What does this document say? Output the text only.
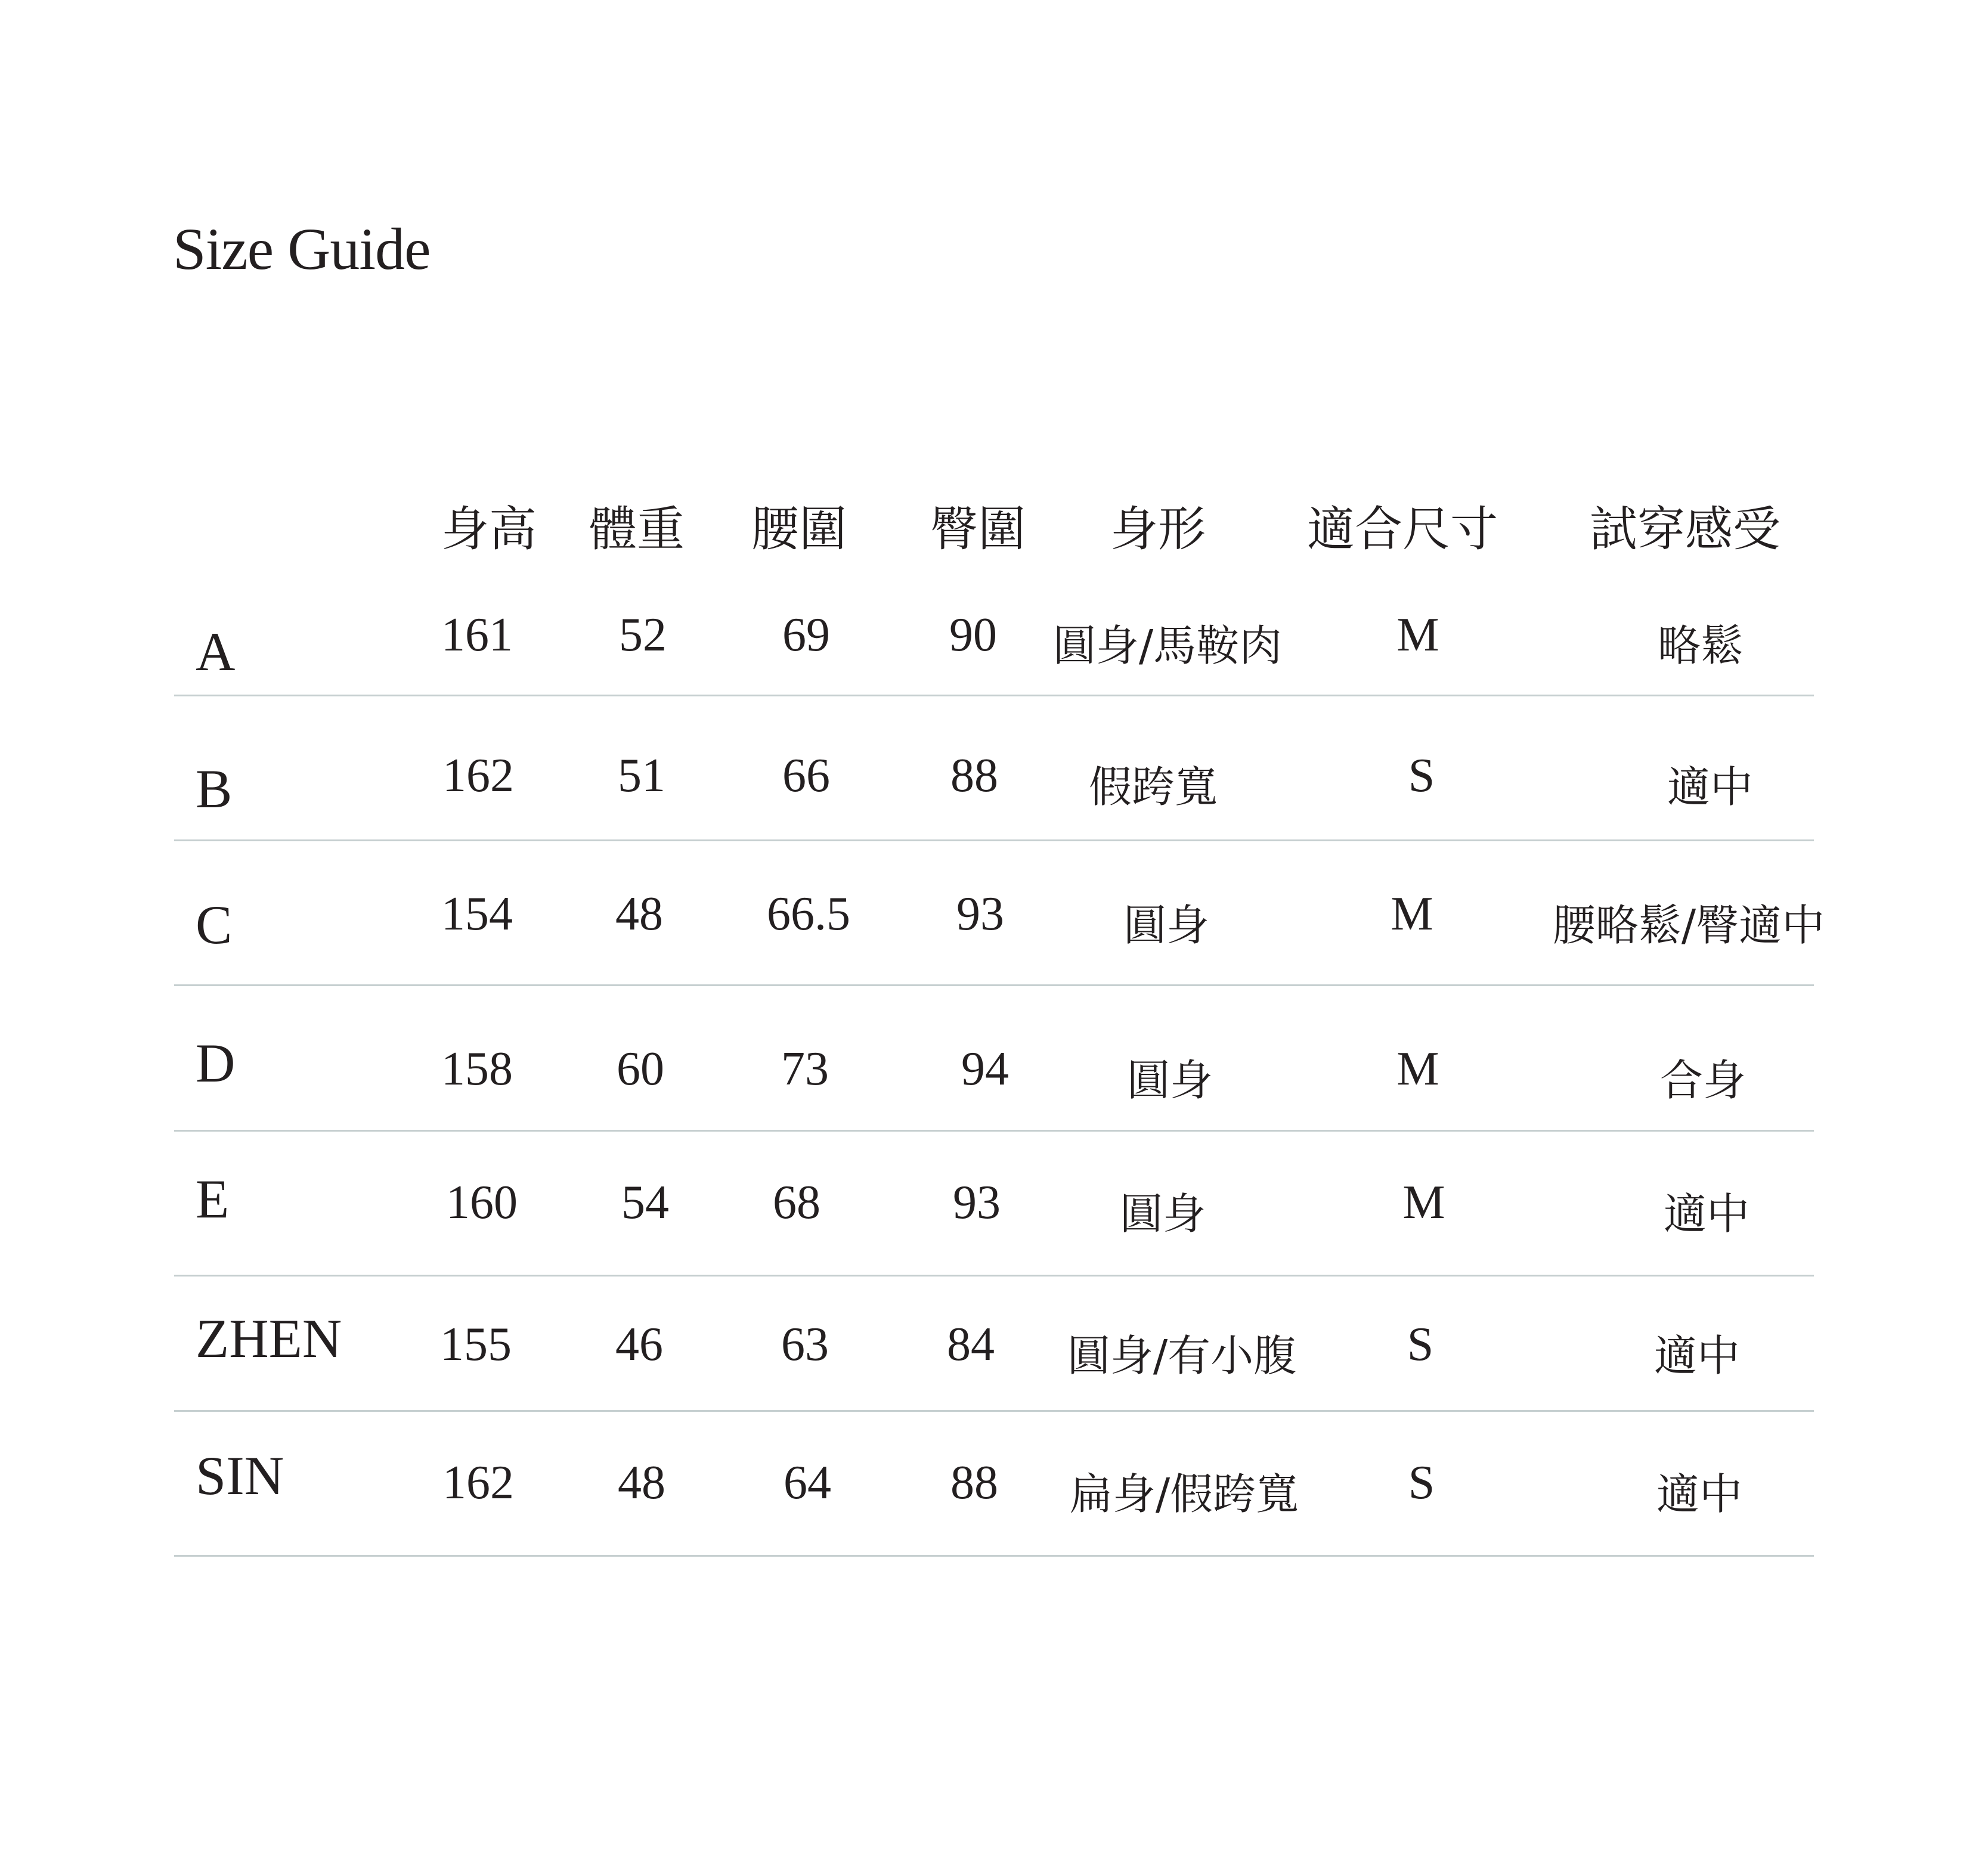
Size Guide
身高 體重 腰圍 臀圍 身形 適合尺寸 試穿感受
A	161 52 69	90 圓身/馬鞍肉 M	略鬆
B	162 51 66	88 假跨寬	S	適中
C	154 48 66.5 93	圓身	M	腰略鬆/臀適中
D	158 60 73	94	圓身	M	合身
E	160 54 68	93	圓身	M	適中
ZHEN 155 46 63 84 圓身/有小腹 S	適中
SIN	162 48 64	88 扁身/假跨寬 S	適中
